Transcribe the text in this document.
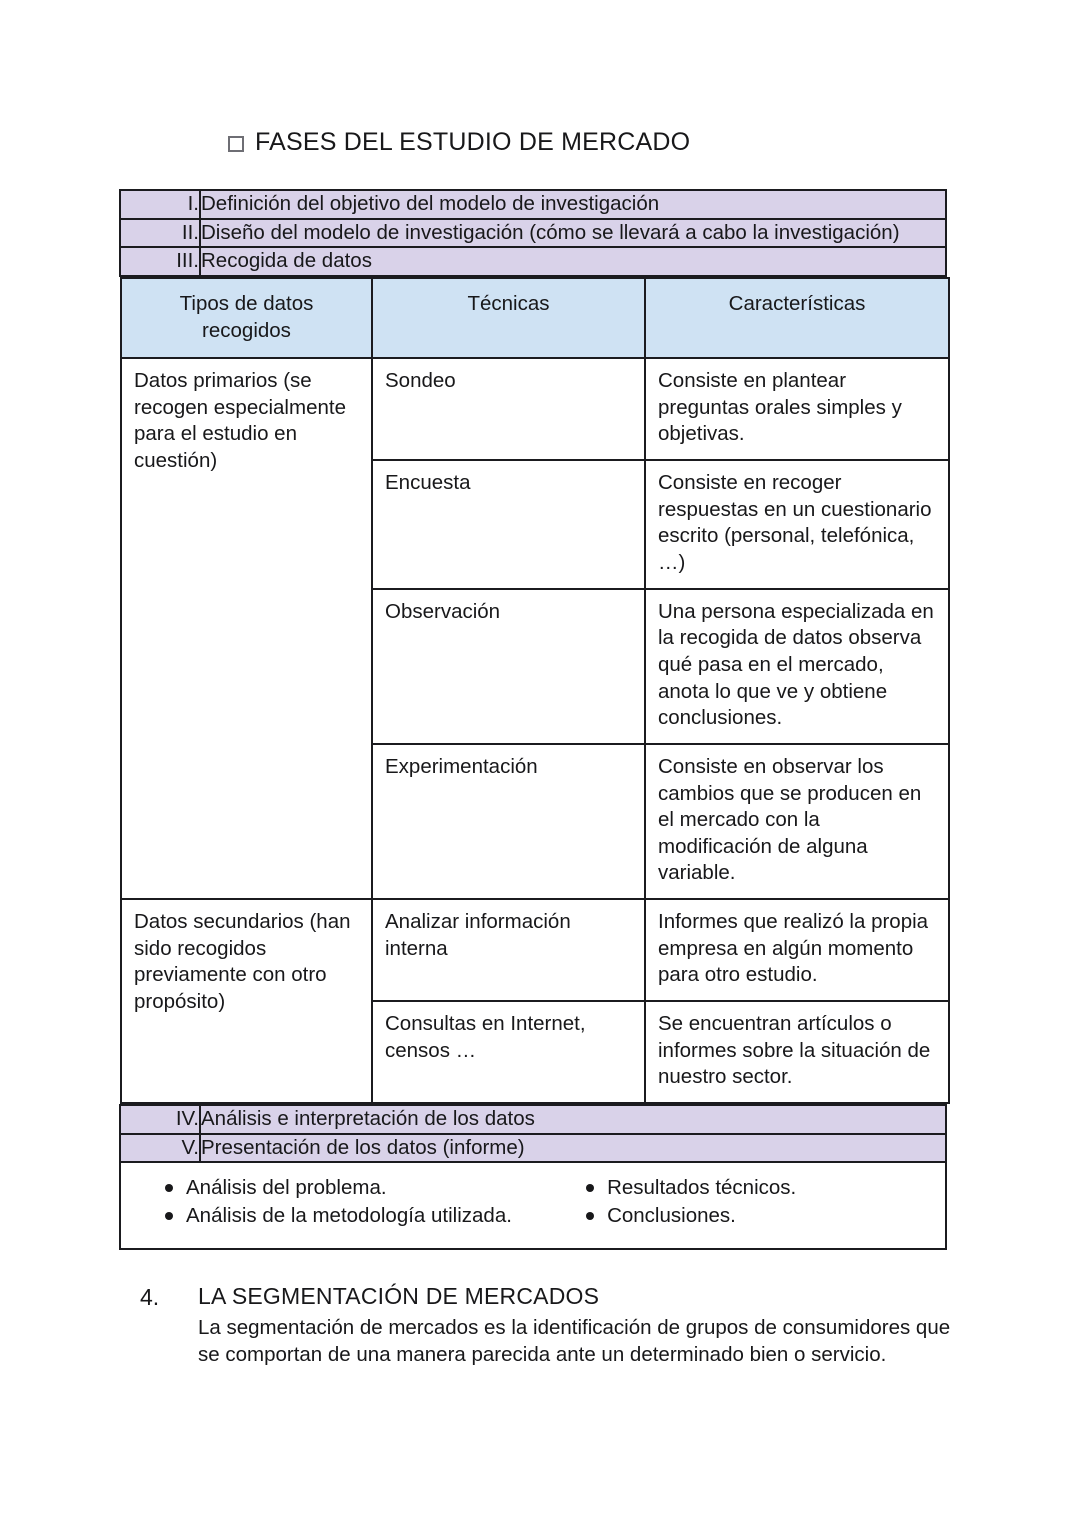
FASES DEL ESTUDIO DE MERCADO
I.	Definición del objetivo del modelo de investigación
II.	Diseño del modelo de investigación (cómo se llevará a cabo la investigación)
III.	Recogida de datos

Tipos de datos recogidos	Técnicas	Características
Datos primarios (se recogen especialmente para el estudio en cuestión)	Sondeo	Consiste en plantear preguntas orales simples y objetivas.
Encuesta	Consiste en recoger respuestas en un cuestionario escrito (personal, telefónica, …)
Observación	Una persona especializada en la recogida de datos observa qué pasa en el mercado, anota lo que ve y obtiene conclusiones.
Experimentación	Consiste en observar los cambios que se producen en el mercado con la modificación de alguna variable.
Datos secundarios (han sido recogidos previamente con otro propósito)	Analizar información interna	Informes que realizó la propia empresa en algún momento para otro estudio.
Consultas en Internet, censos …	Se encuentran artículos o informes sobre la situación de nuestro sector.

IV.	Análisis e interpretación de los datos
V.	Presentación de los datos (informe)

Análisis del problema.
Análisis de la metodología utilizada.
Resultados técnicos.
Conclusiones.
4.	LA SEGMENTACIÓN DE MERCADOS
La segmentación de mercados es la identificación de grupos de consumidores que se comportan de una manera parecida ante un determinado bien o servicio.
